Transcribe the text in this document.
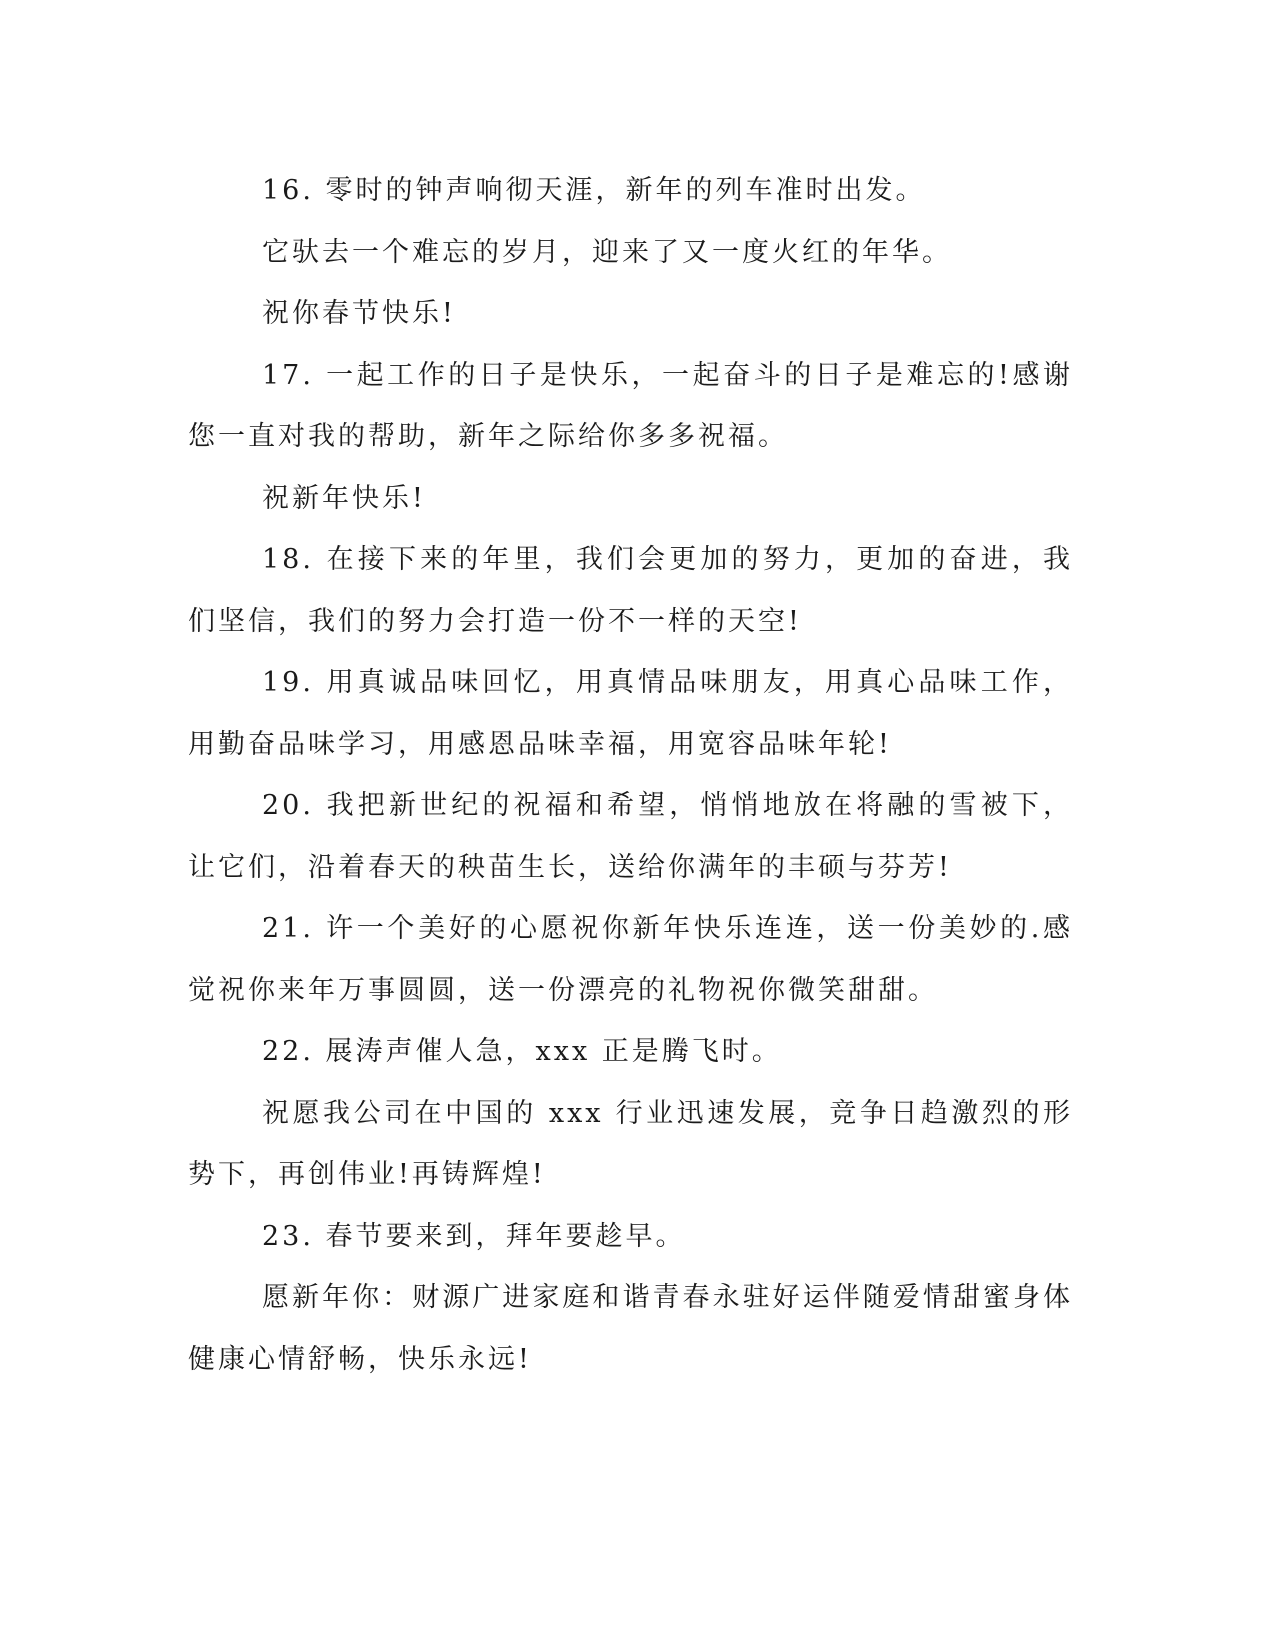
16. 零时的钟声响彻天涯，新年的列车准时出发。

它驮去一个难忘的岁月，迎来了又一度火红的年华。

祝你春节快乐!

17. 一起工作的日子是快乐，一起奋斗的日子是难忘的!感谢您一直对我的帮助，新年之际给你多多祝福。

祝新年快乐!

18. 在接下来的年里，我们会更加的努力，更加的奋进，我们坚信，我们的努力会打造一份不一样的天空!

19. 用真诚品味回忆，用真情品味朋友，用真心品味工作，用勤奋品味学习，用感恩品味幸福，用宽容品味年轮!

20. 我把新世纪的祝福和希望，悄悄地放在将融的雪被下，让它们，沿着春天的秧苗生长，送给你满年的丰硕与芬芳!

21. 许一个美好的心愿祝你新年快乐连连，送一份美妙的.感觉祝你来年万事圆圆，送一份漂亮的礼物祝你微笑甜甜。

22. 展涛声催人急，xxx 正是腾飞时。

祝愿我公司在中国的 xxx 行业迅速发展，竞争日趋激烈的形势下，再创伟业!再铸辉煌!

23. 春节要来到，拜年要趁早。

愿新年你：财源广进家庭和谐青春永驻好运伴随爱情甜蜜身体健康心情舒畅，快乐永远!
